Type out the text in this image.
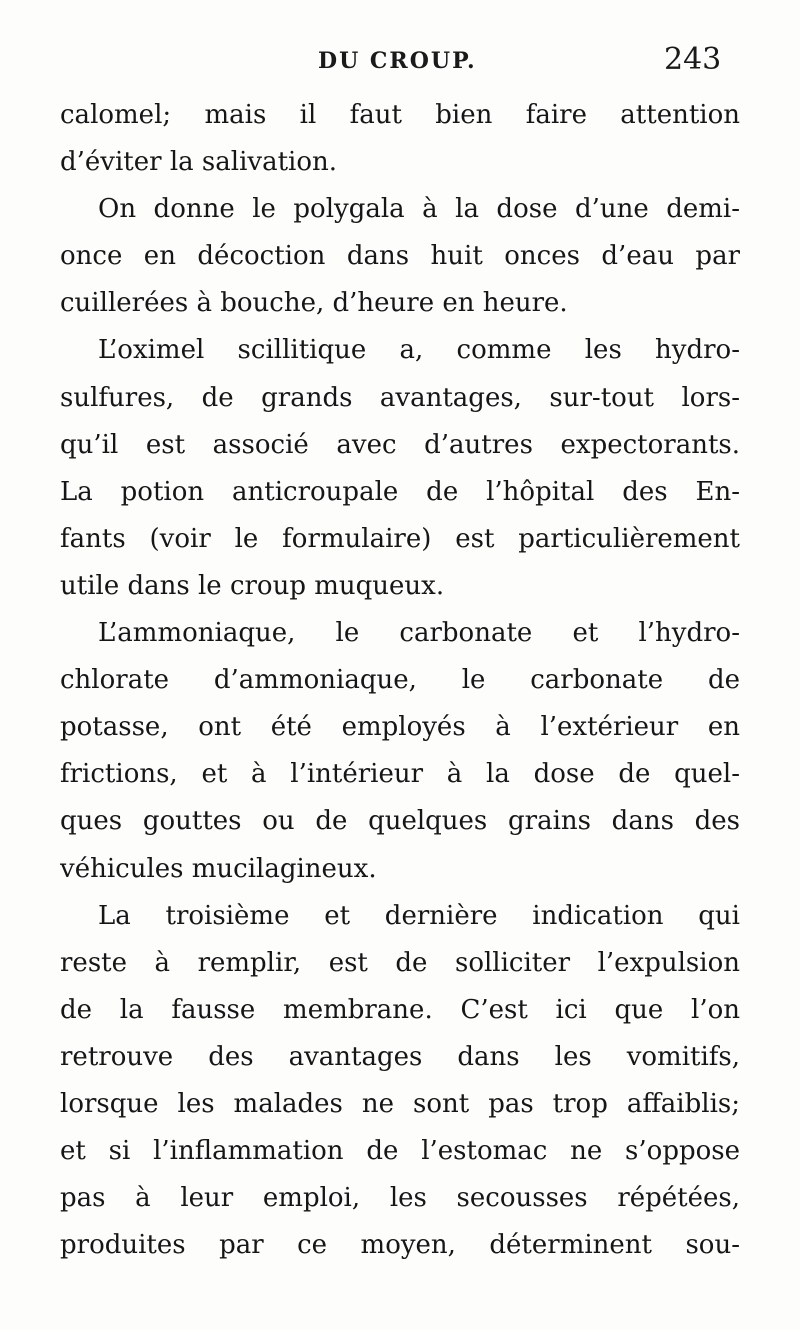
DU CROUP.	243
calomel; mais il faut bien faire attention
d’éviter la salivation.
On donne le polygala à la dose d’une demi-
once en décoction dans huit onces d’eau par
cuillerées à bouche, d’heure en heure.
L’oximel scillitique a, comme les hydro-
sulfures, de grands avantages, sur-tout lors-
qu’il est associé avec d’autres expectorants.
La potion anticroupale de l’hôpital des En-
fants (voir le formulaire) est particulièrement
utile dans le croup muqueux.
L’ammoniaque, le carbonate et l’hydro-
chlorate d’ammoniaque, le carbonate de
potasse, ont été employés à l’extérieur en
frictions, et à l’intérieur à la dose de quel-
ques gouttes ou de quelques grains dans des
véhicules mucilagineux.
La troisième et dernière indication qui
reste à remplir, est de solliciter l’expulsion
de la fausse membrane. C’est ici que l’on
retrouve des avantages dans les vomitifs,
lorsque les malades ne sont pas trop affaiblis;
et si l’inflammation de l’estomac ne s’oppose
pas à leur emploi, les secousses répétées,
produites par ce moyen, déterminent sou-
